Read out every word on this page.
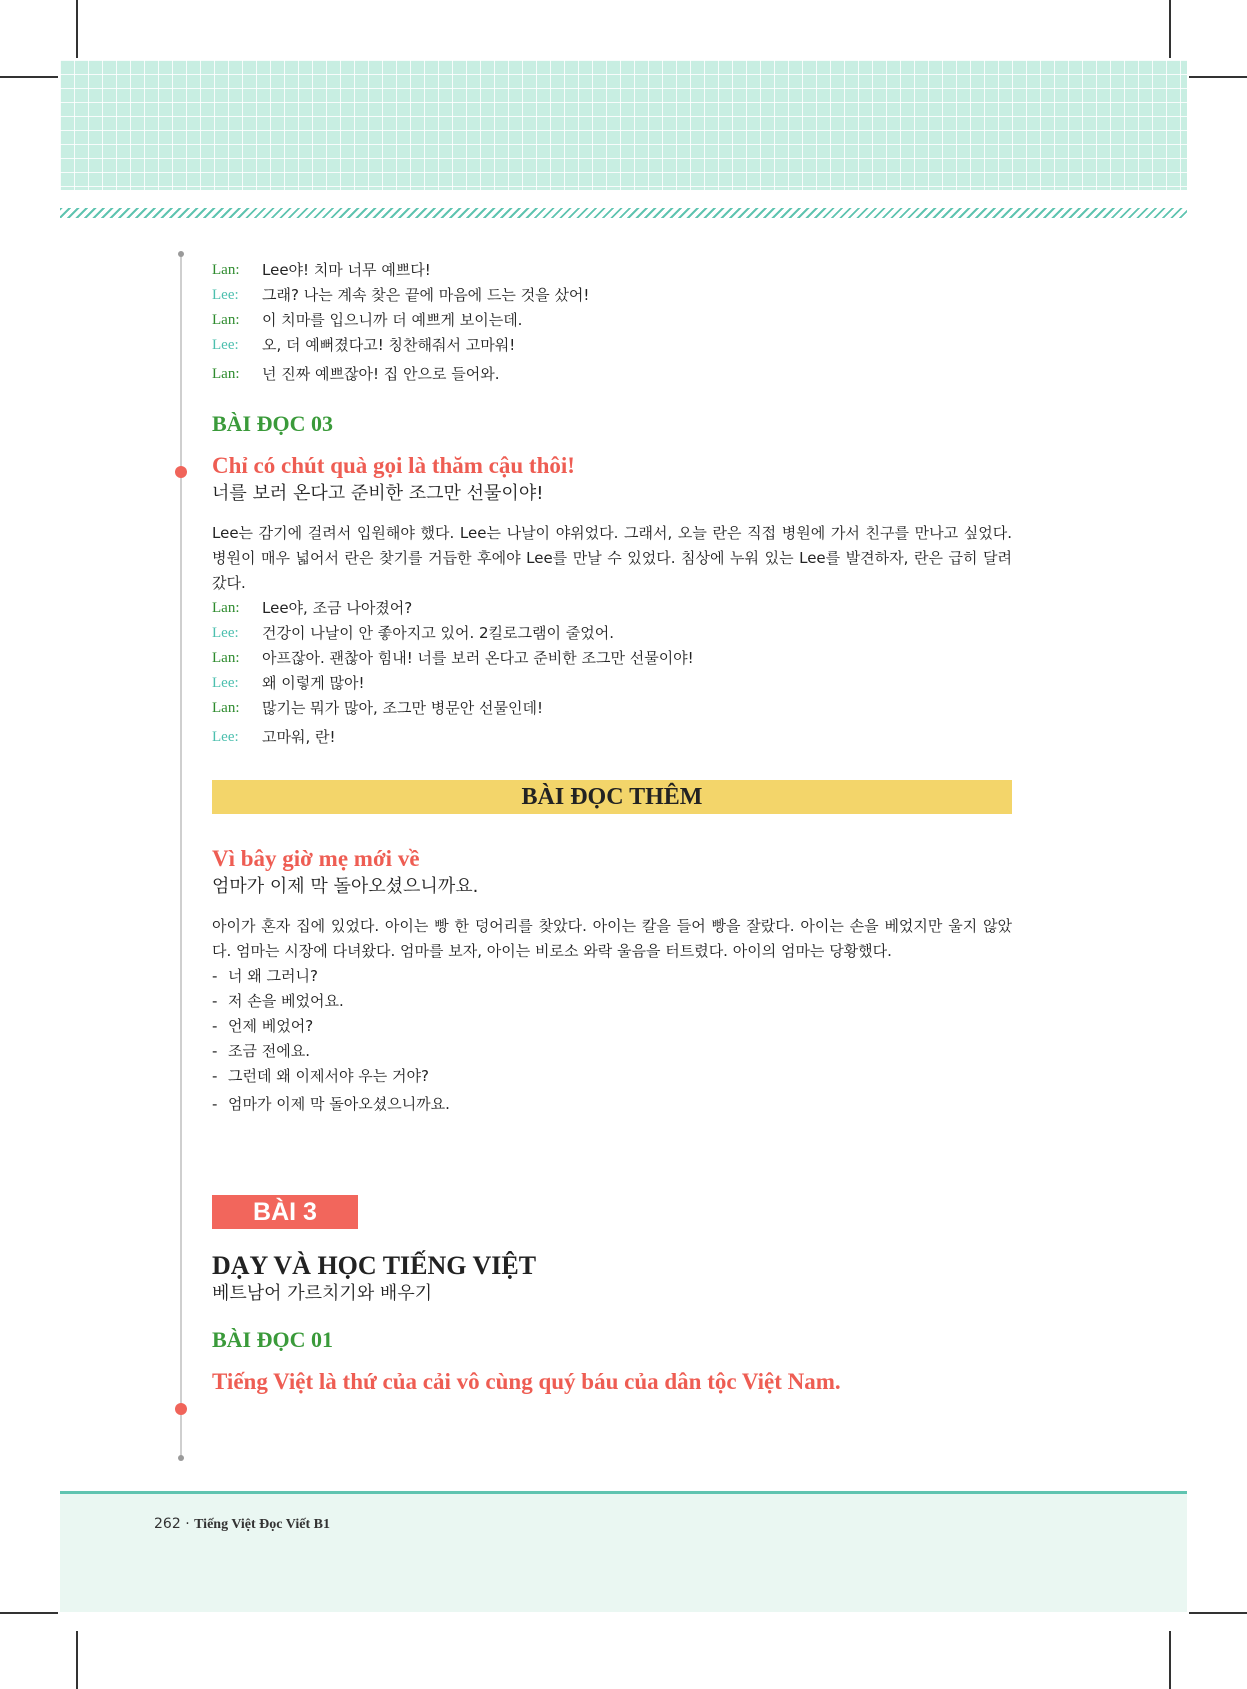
Lan:	Lee야! 치마 너무 예쁘다!
Lee:	그래? 나는 계속 찾은 끝에 마음에 드는 것을 샀어!
Lan:	이 치마를 입으니까 더 예쁘게 보이는데.
Lee:	오, 더 예뻐졌다고! 칭찬해줘서 고마워!
Lan:	넌 진짜 예쁘잖아! 집 안으로 들어와.
BÀI ĐỌC 03
Chỉ có chút quà gọi là thăm cậu thôi!
너를 보러 온다고 준비한 조그만 선물이야!
Lee는 감기에 걸려서 입원해야 했다. Lee는 나날이 야위었다. 그래서, 오늘 란은 직접 병원에 가서 친구를 만나고 싶었다. 병원이 매우 넓어서 란은 찾기를 거듭한 후에야 Lee를 만날 수 있었다. 침상에 누워 있는 Lee를 발견하자, 란은 급히 달려갔다.
Lan:	Lee야, 조금 나아졌어?
Lee:	건강이 나날이 안 좋아지고 있어. 2킬로그램이 줄었어.
Lan:	아프잖아. 괜찮아 힘내! 너를 보러 온다고 준비한 조그만 선물이야!
Lee:	왜 이렇게 많아!
Lan:	많기는 뭐가 많아, 조그만 병문안 선물인데!
Lee:	고마워, 란!
BÀI ĐỌC THÊM
Vì bây giờ mẹ mới về
엄마가 이제 막 돌아오셨으니까요.
아이가 혼자 집에 있었다. 아이는 빵 한 덩어리를 찾았다. 아이는 칼을 들어 빵을 잘랐다. 아이는 손을 베었지만 울지 않았다. 엄마는 시장에 다녀왔다. 엄마를 보자, 아이는 비로소 와락 울음을 터트렸다. 아이의 엄마는 당황했다.
- 너 왜 그러니?
- 저 손을 베었어요.
- 언제 베었어?
- 조금 전에요.
- 그런데 왜 이제서야 우는 거야?
- 엄마가 이제 막 돌아오셨으니까요.
BÀI 3
DẠY VÀ HỌC TIẾNG VIỆT
베트남어 가르치기와 배우기
BÀI ĐỌC 01
Tiếng Việt là thứ của cải vô cùng quý báu của dân tộc Việt Nam.
262 · Tiếng Việt Đọc Viết B1
